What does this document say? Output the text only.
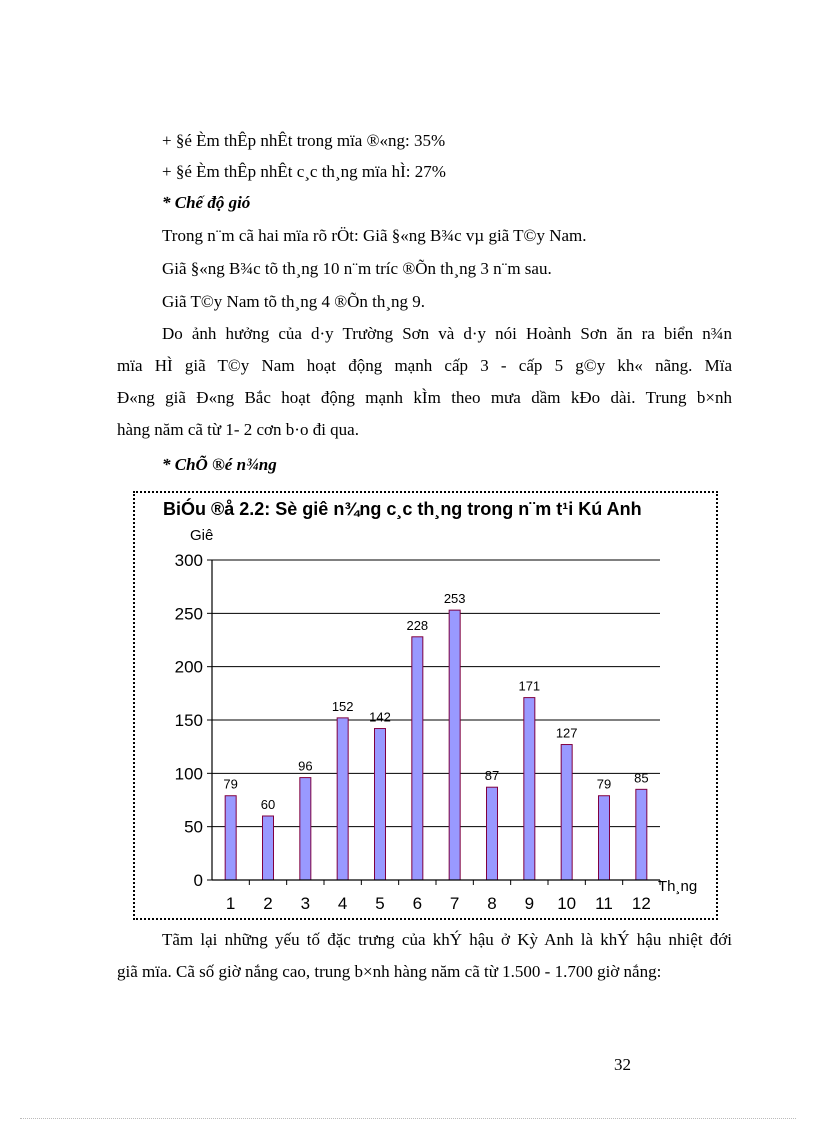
+ §é Èm thÊp nhÊt trong mïa ®«ng: 35%
+ §é Èm thÊp nhÊt c¸c th¸ng mïa hÌ: 27%
* Chế độ gió
Trong n¨m cã hai mïa rõ rÖt: Giã §«ng B¾c vµ giã T©y Nam.
Giã §«ng B¾c tõ th¸ng 10 n¨m tríc ®Õn th¸ng 3 n¨m sau.
Giã T©y Nam tõ th¸ng 4 ®Õn th¸ng 9.
Do ảnh hưởng của d·y Trường Sơn và d·y nói Hoành Sơn ăn ra biển n¾n
mïa HÌ giã T©y Nam hoạt động mạnh cấp 3 - cấp 5 g©y kh« nãng. Mïa
Đ«ng giã Đ«ng Bắc hoạt động mạnh kÌm theo mưa dầm kÐo dài. Trung b×nh
hàng năm cã từ 1- 2 cơn b·o đi qua.
* ChÕ ®é n¾ng
BiÓu ®å 2.2: Sè giê n¾ng c¸c th¸ng trong n¨m t¹i Kú Anh
Giê
Th¸ng
0
50
100
150
200
250
300
79
1
60
2
96
3
152
4
142
5
228
6
253
7
87
8
171
9
127
10
79
11
85
12
Tãm lại những yếu tố đặc trưng của khÝ hậu ở Kỳ Anh là khÝ hậu nhiệt đới
giã mïa. Cã số giờ nắng cao, trung b×nh hàng năm cã từ 1.500 - 1.700 giờ nắng:
32
